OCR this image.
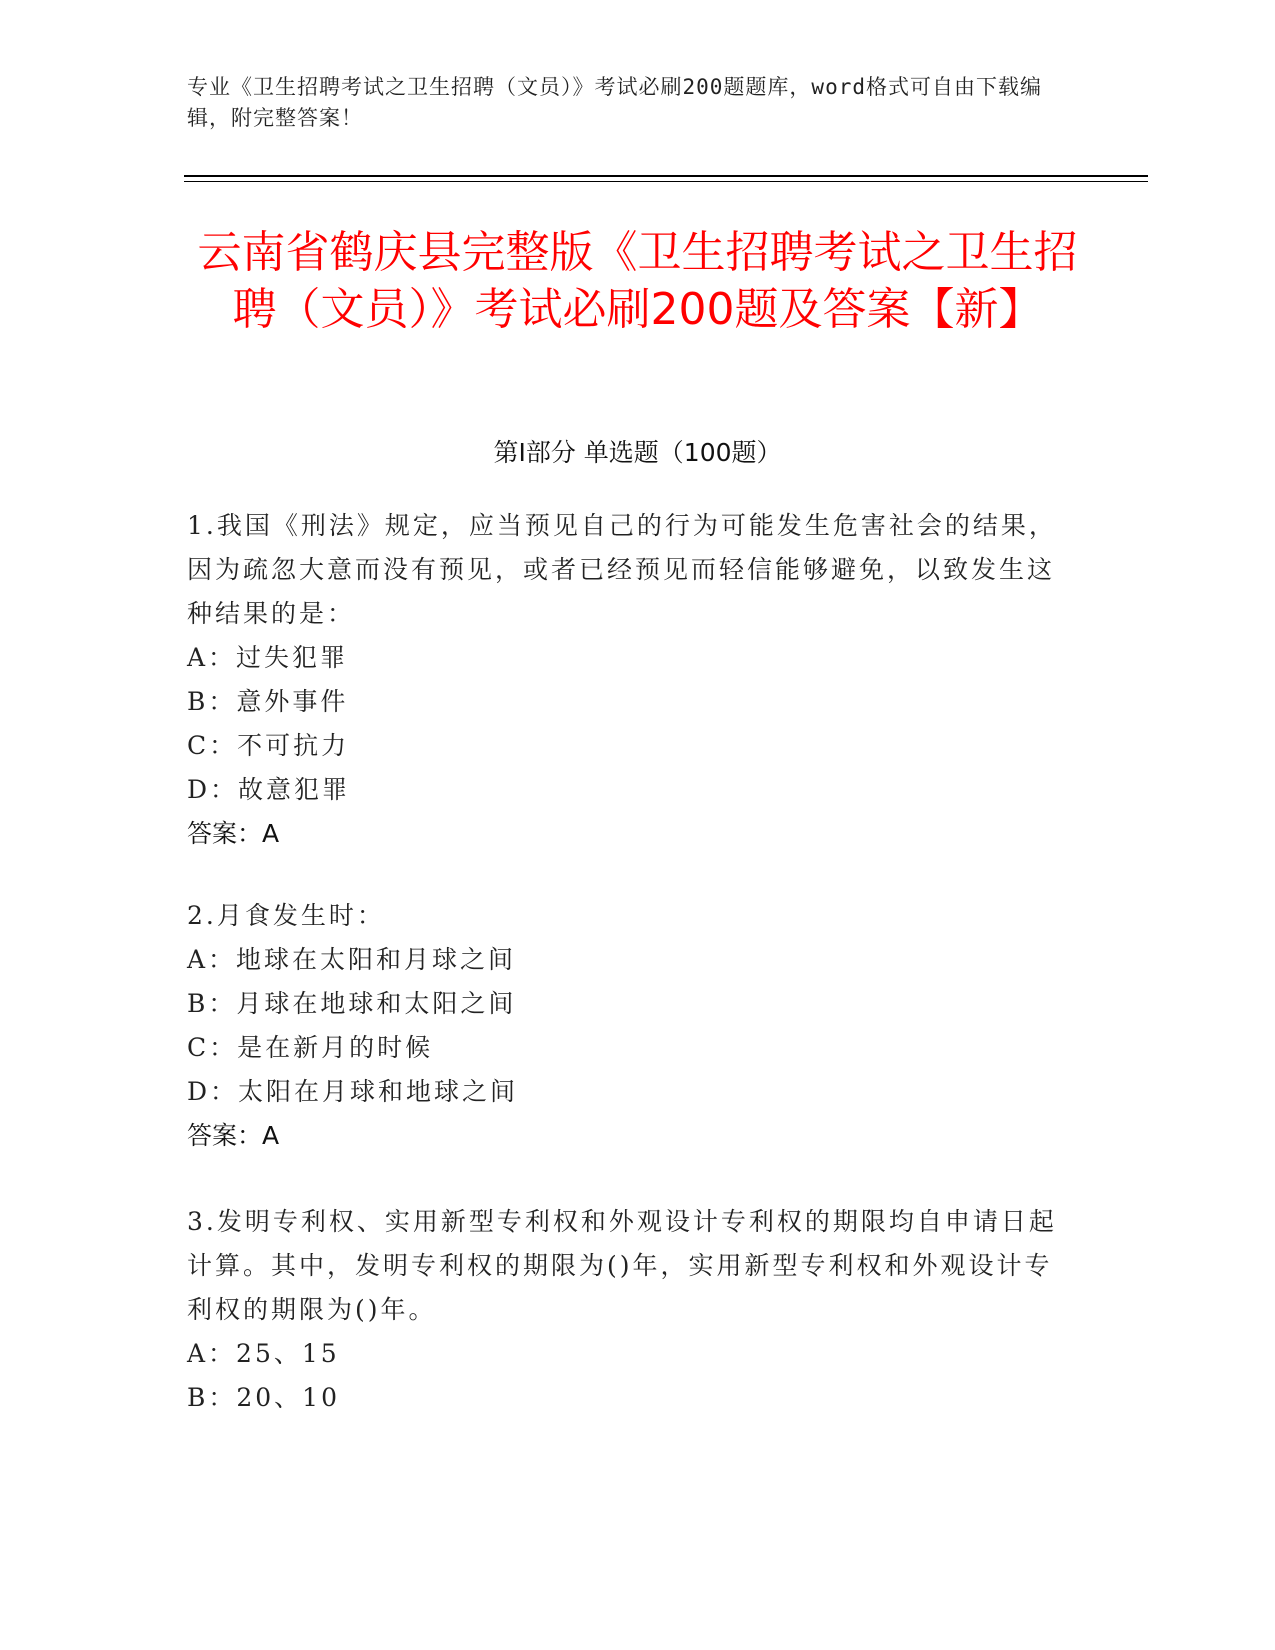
专业《卫生招聘考试之卫生招聘（文员）》考试必刷200题题库，word格式可自由下载编辑，附完整答案！

云南省鹤庆县完整版《卫生招聘考试之卫生招聘（文员）》考试必刷200题及答案【新】
第I部分 单选题（100题）

1.我国《刑法》规定，应当预见自己的行为可能发生危害社会的结果，因为疏忽大意而没有预见，或者已经预见而轻信能够避免，以致发生这种结果的是：

A：过失犯罪

B：意外事件

C：不可抗力

D：故意犯罪

答案：A

2.月食发生时：

A：地球在太阳和月球之间

B：月球在地球和太阳之间

C：是在新月的时候

D：太阳在月球和地球之间

答案：A

3.发明专利权、实用新型专利权和外观设计专利权的期限均自申请日起计算。其中，发明专利权的期限为()年，实用新型专利权和外观设计专利权的期限为()年。

A：25、15

B：20、10
